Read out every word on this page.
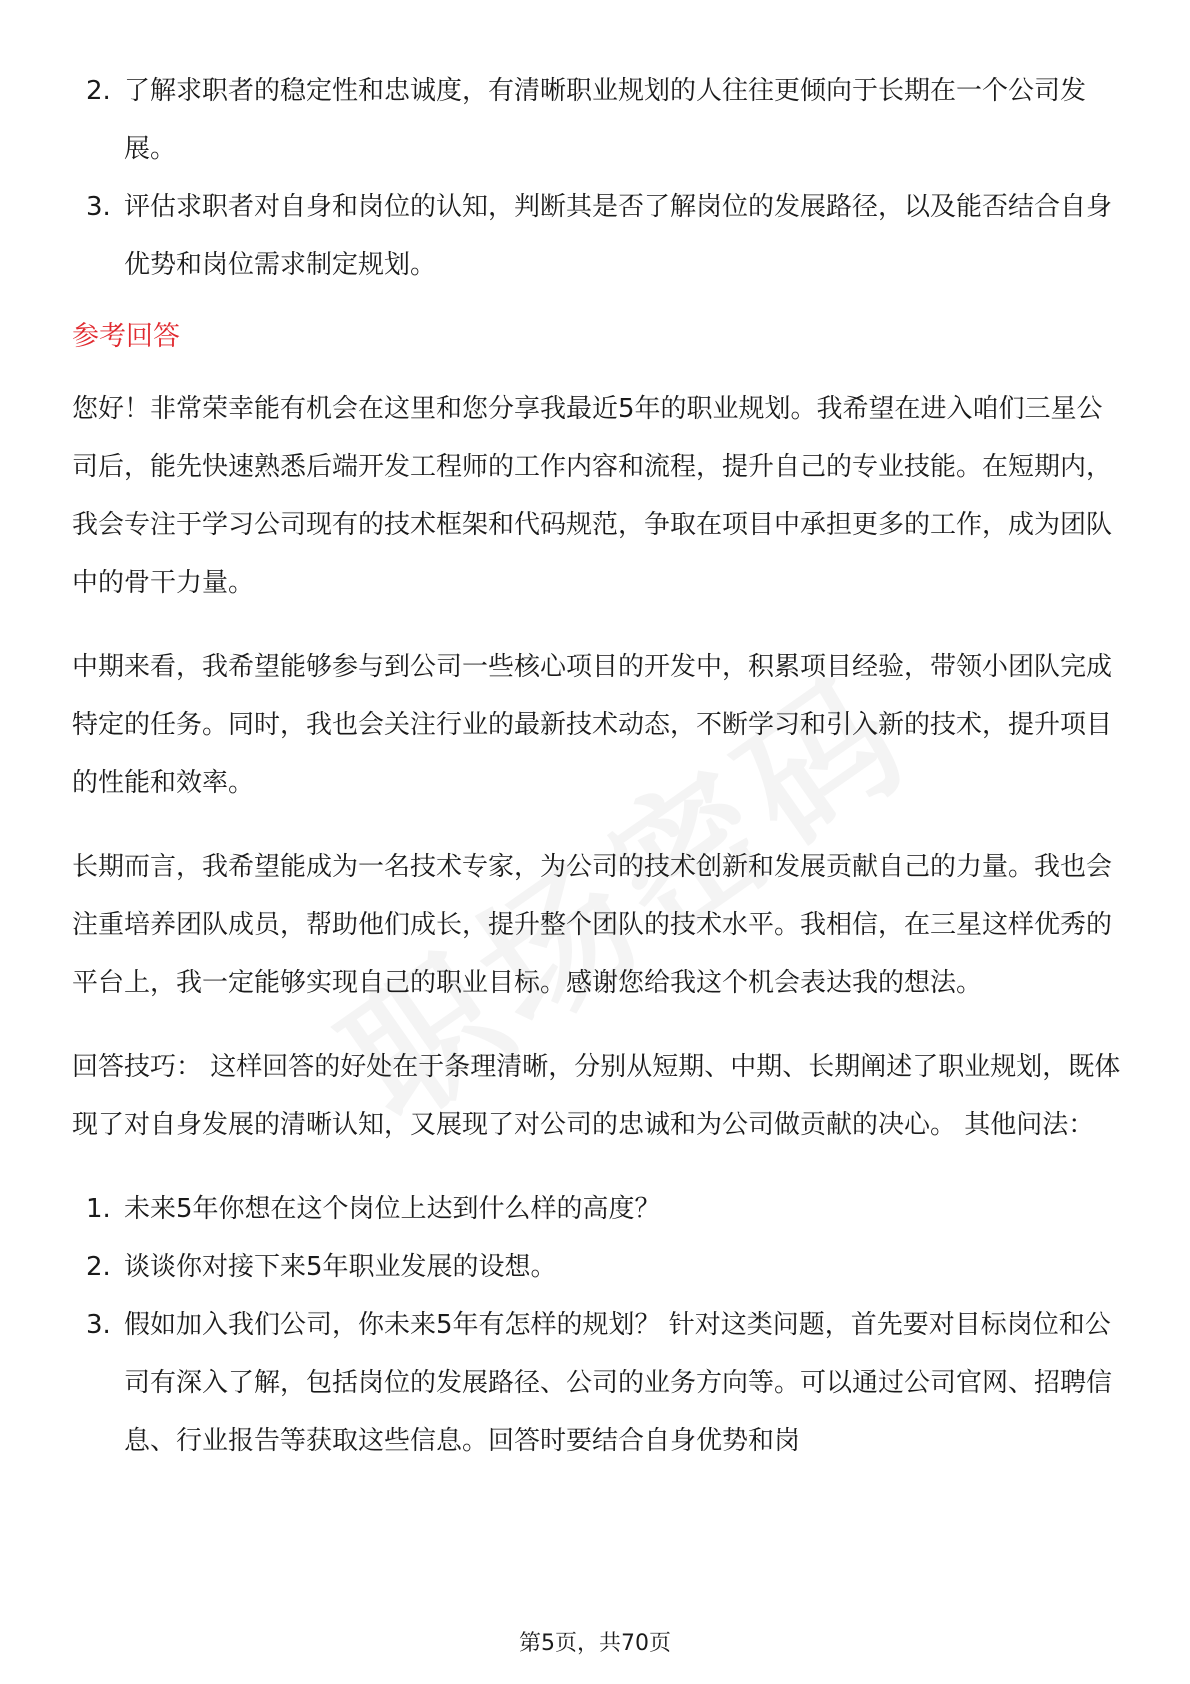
2. 了解求职者的稳定性和忠诚度，有清晰职业规划的人往往更倾向于长期在一个公司发展。
3. 评估求职者对自身和岗位的认知，判断其是否了解岗位的发展路径，以及能否结合自身优势和岗位需求制定规划。
参考回答

您好！非常荣幸能有机会在这里和您分享我最近5年的职业规划。我希望在进入咱们三星公司后，能先快速熟悉后端开发工程师的工作内容和流程，提升自己的专业技能。在短期内，我会专注于学习公司现有的技术框架和代码规范，争取在项目中承担更多的工作，成为团队中的骨干力量。

中期来看，我希望能够参与到公司一些核心项目的开发中，积累项目经验，带领小团队完成特定的任务。同时，我也会关注行业的最新技术动态，不断学习和引入新的技术，提升项目的性能和效率。

长期而言，我希望能成为一名技术专家，为公司的技术创新和发展贡献自己的力量。我也会注重培养团队成员，帮助他们成长，提升整个团队的技术水平。我相信，在三星这样优秀的平台上，我一定能够实现自己的职业目标。感谢您给我这个机会表达我的想法。

回答技巧： 这样回答的好处在于条理清晰，分别从短期、中期、长期阐述了职业规划，既体现了对自身发展的清晰认知，又展现了对公司的忠诚和为公司做贡献的决心。 其他问法：

1. 未来5年你想在这个岗位上达到什么样的高度？
2. 谈谈你对接下来5年职业发展的设想。
3. 假如加入我们公司，你未来5年有怎样的规划？ 针对这类问题，首先要对目标岗位和公司有深入了解，包括岗位的发展路径、公司的业务方向等。可以通过公司官网、招聘信息、行业报告等获取这些信息。回答时要结合自身优势和岗
第5页，共70页
